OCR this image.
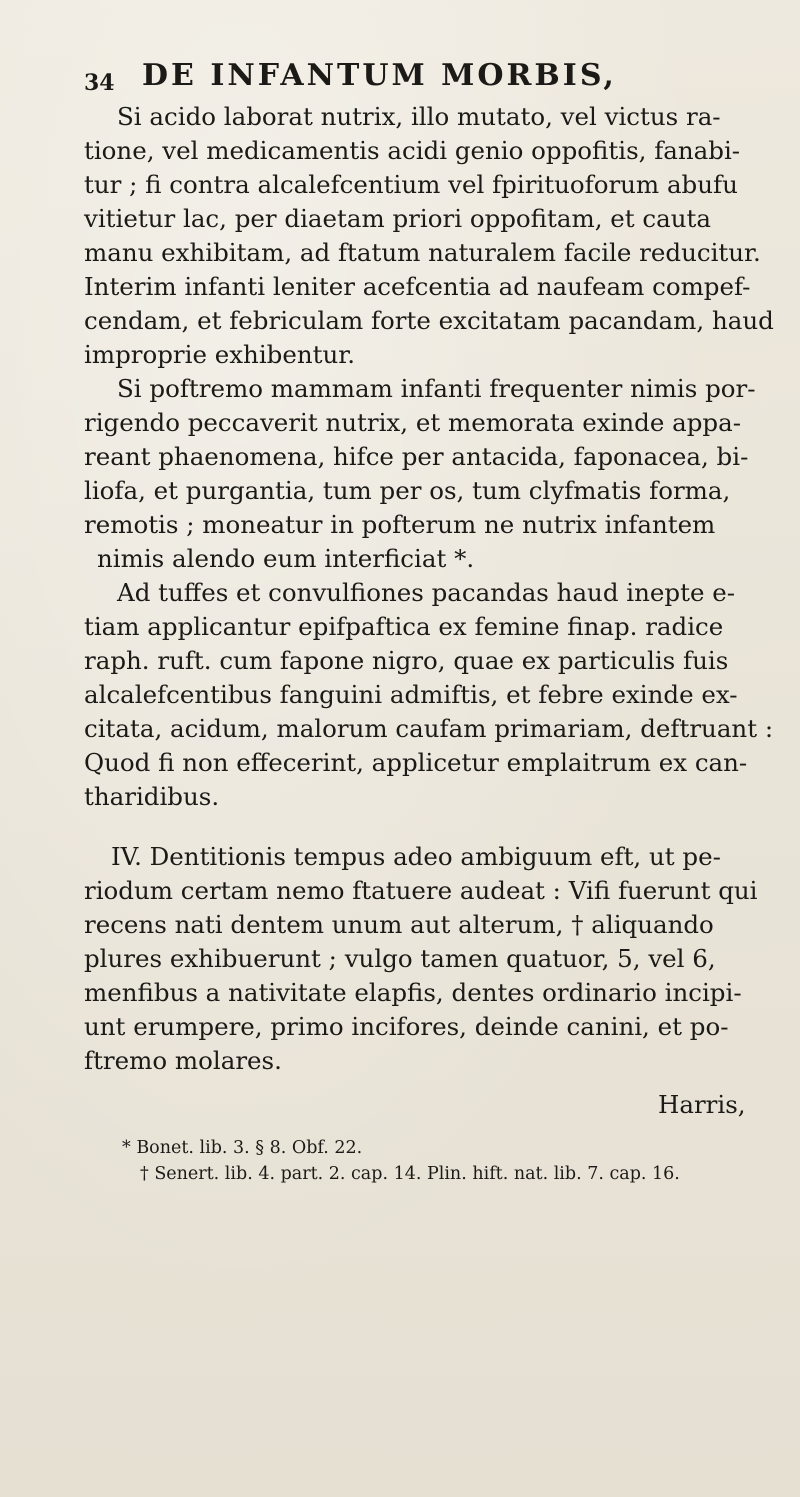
34 DE INFANTUM MORBIS,
Si acido laborat nutrix, illo mutato, vel victus ra-
tione, vel medicamentis acidi genio oppofitis, fanabi-
tur ; fi contra alcalefcentium vel fpirituoforum abufu
vitietur lac, per diaetam priori oppofitam, et cauta
manu exhibitam, ad ftatum naturalem facile reducitur.
Interim infanti leniter acefcentia ad naufeam compef-
cendam, et febriculam forte excitatam pacandam, haud
improprie exhibentur.
Si poftremo mammam infanti frequenter nimis por-
rigendo peccaverit nutrix, et memorata exinde appa-
reant phaenomena, hifce per antacida, faponacea, bi-
liofa, et purgantia, tum per os, tum clyfmatis forma,
remotis ; moneatur in pofterum ne nutrix infantem
nimis alendo eum interficiat *.
Ad tuffes et convulfiones pacandas haud inepte e-
tiam applicantur epifpaftica ex femine finap. radice
raph. ruft. cum fapone nigro, quae ex particulis fuis
alcalefcentibus fanguini admiftis, et febre exinde ex-
citata, acidum, malorum caufam primariam, deftruant :
Quod fi non effecerint, applicetur emplaitrum ex can-
tharidibus.
IV. Dentitionis tempus adeo ambiguum eft, ut pe-
riodum certam nemo ftatuere audeat : Vifi fuerunt qui
recens nati dentem unum aut alterum, † aliquando
plures exhibuerunt ; vulgo tamen quatuor, 5, vel 6,
menfibus a nativitate elapfis, dentes ordinario incipi-
unt erumpere, primo incifores, deinde canini, et po-
ftremo molares.
Harris,
* Bonet. lib. 3. § 8. Obf. 22.
† Senert. lib. 4. part. 2. cap. 14. Plin. hift. nat. lib. 7. cap. 16.
